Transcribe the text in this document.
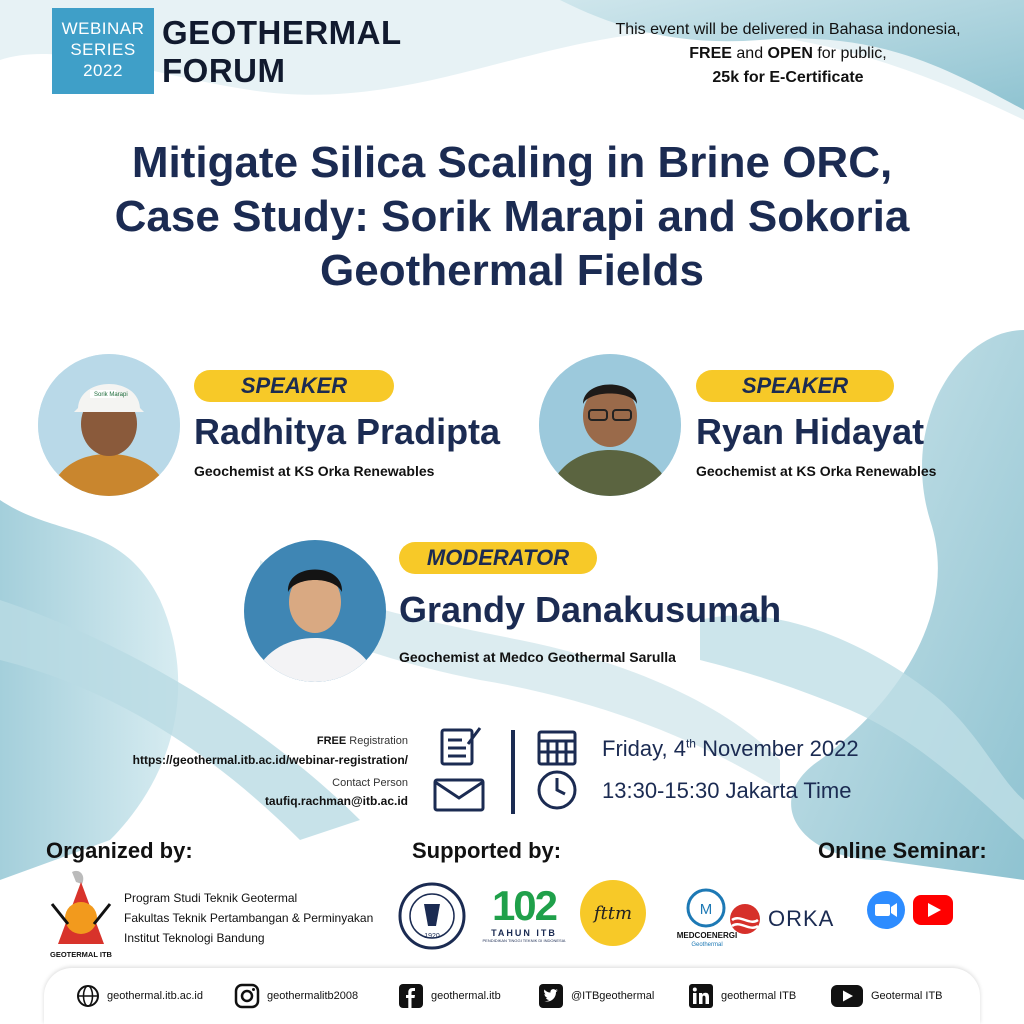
WEBINAR
SERIES
2022
GEOTHERMAL
FORUM
This event will be delivered in Bahasa indonesia,
FREE and OPEN for public,
25k for E-Certificate
Mitigate Silica Scaling in Brine ORC,
Case Study: Sorik Marapi and Sokoria
Geothermal Fields
Sorik Marapi	SPEAKER
Radhitya Pradipta
Geochemist at KS Orka Renewables
SPEAKER
Ryan Hidayat
Geochemist at KS Orka Renewables
MODERATOR
Grandy Danakusumah
Geochemist at Medco Geothermal Sarulla
FREE Registration
https://geothermal.itb.ac.id/webinar-registration/
Contact Person
taufiq.rachman@itb.ac.id
Friday, 4th November 2022
13:30-15:30 Jakarta Time
Organized by:
GEOTERMAL ITB
Program Studi Teknik Geotermal
Fakultas Teknik Pertambangan & Perminyakan
Institut Teknologi Bandung
Supported by:
1920
102
TAHUN ITB
PENDIDIKAN TINGGI TEKNIK DI INDONESIA
fttm	M
MEDCOENERGI
Geothermal
ORKA
Online Seminar:
geothermal.itb.ac.id	geothermalitb2008	geothermal.itb	@ITBgeothermal	geothermal ITB	Geotermal ITB
